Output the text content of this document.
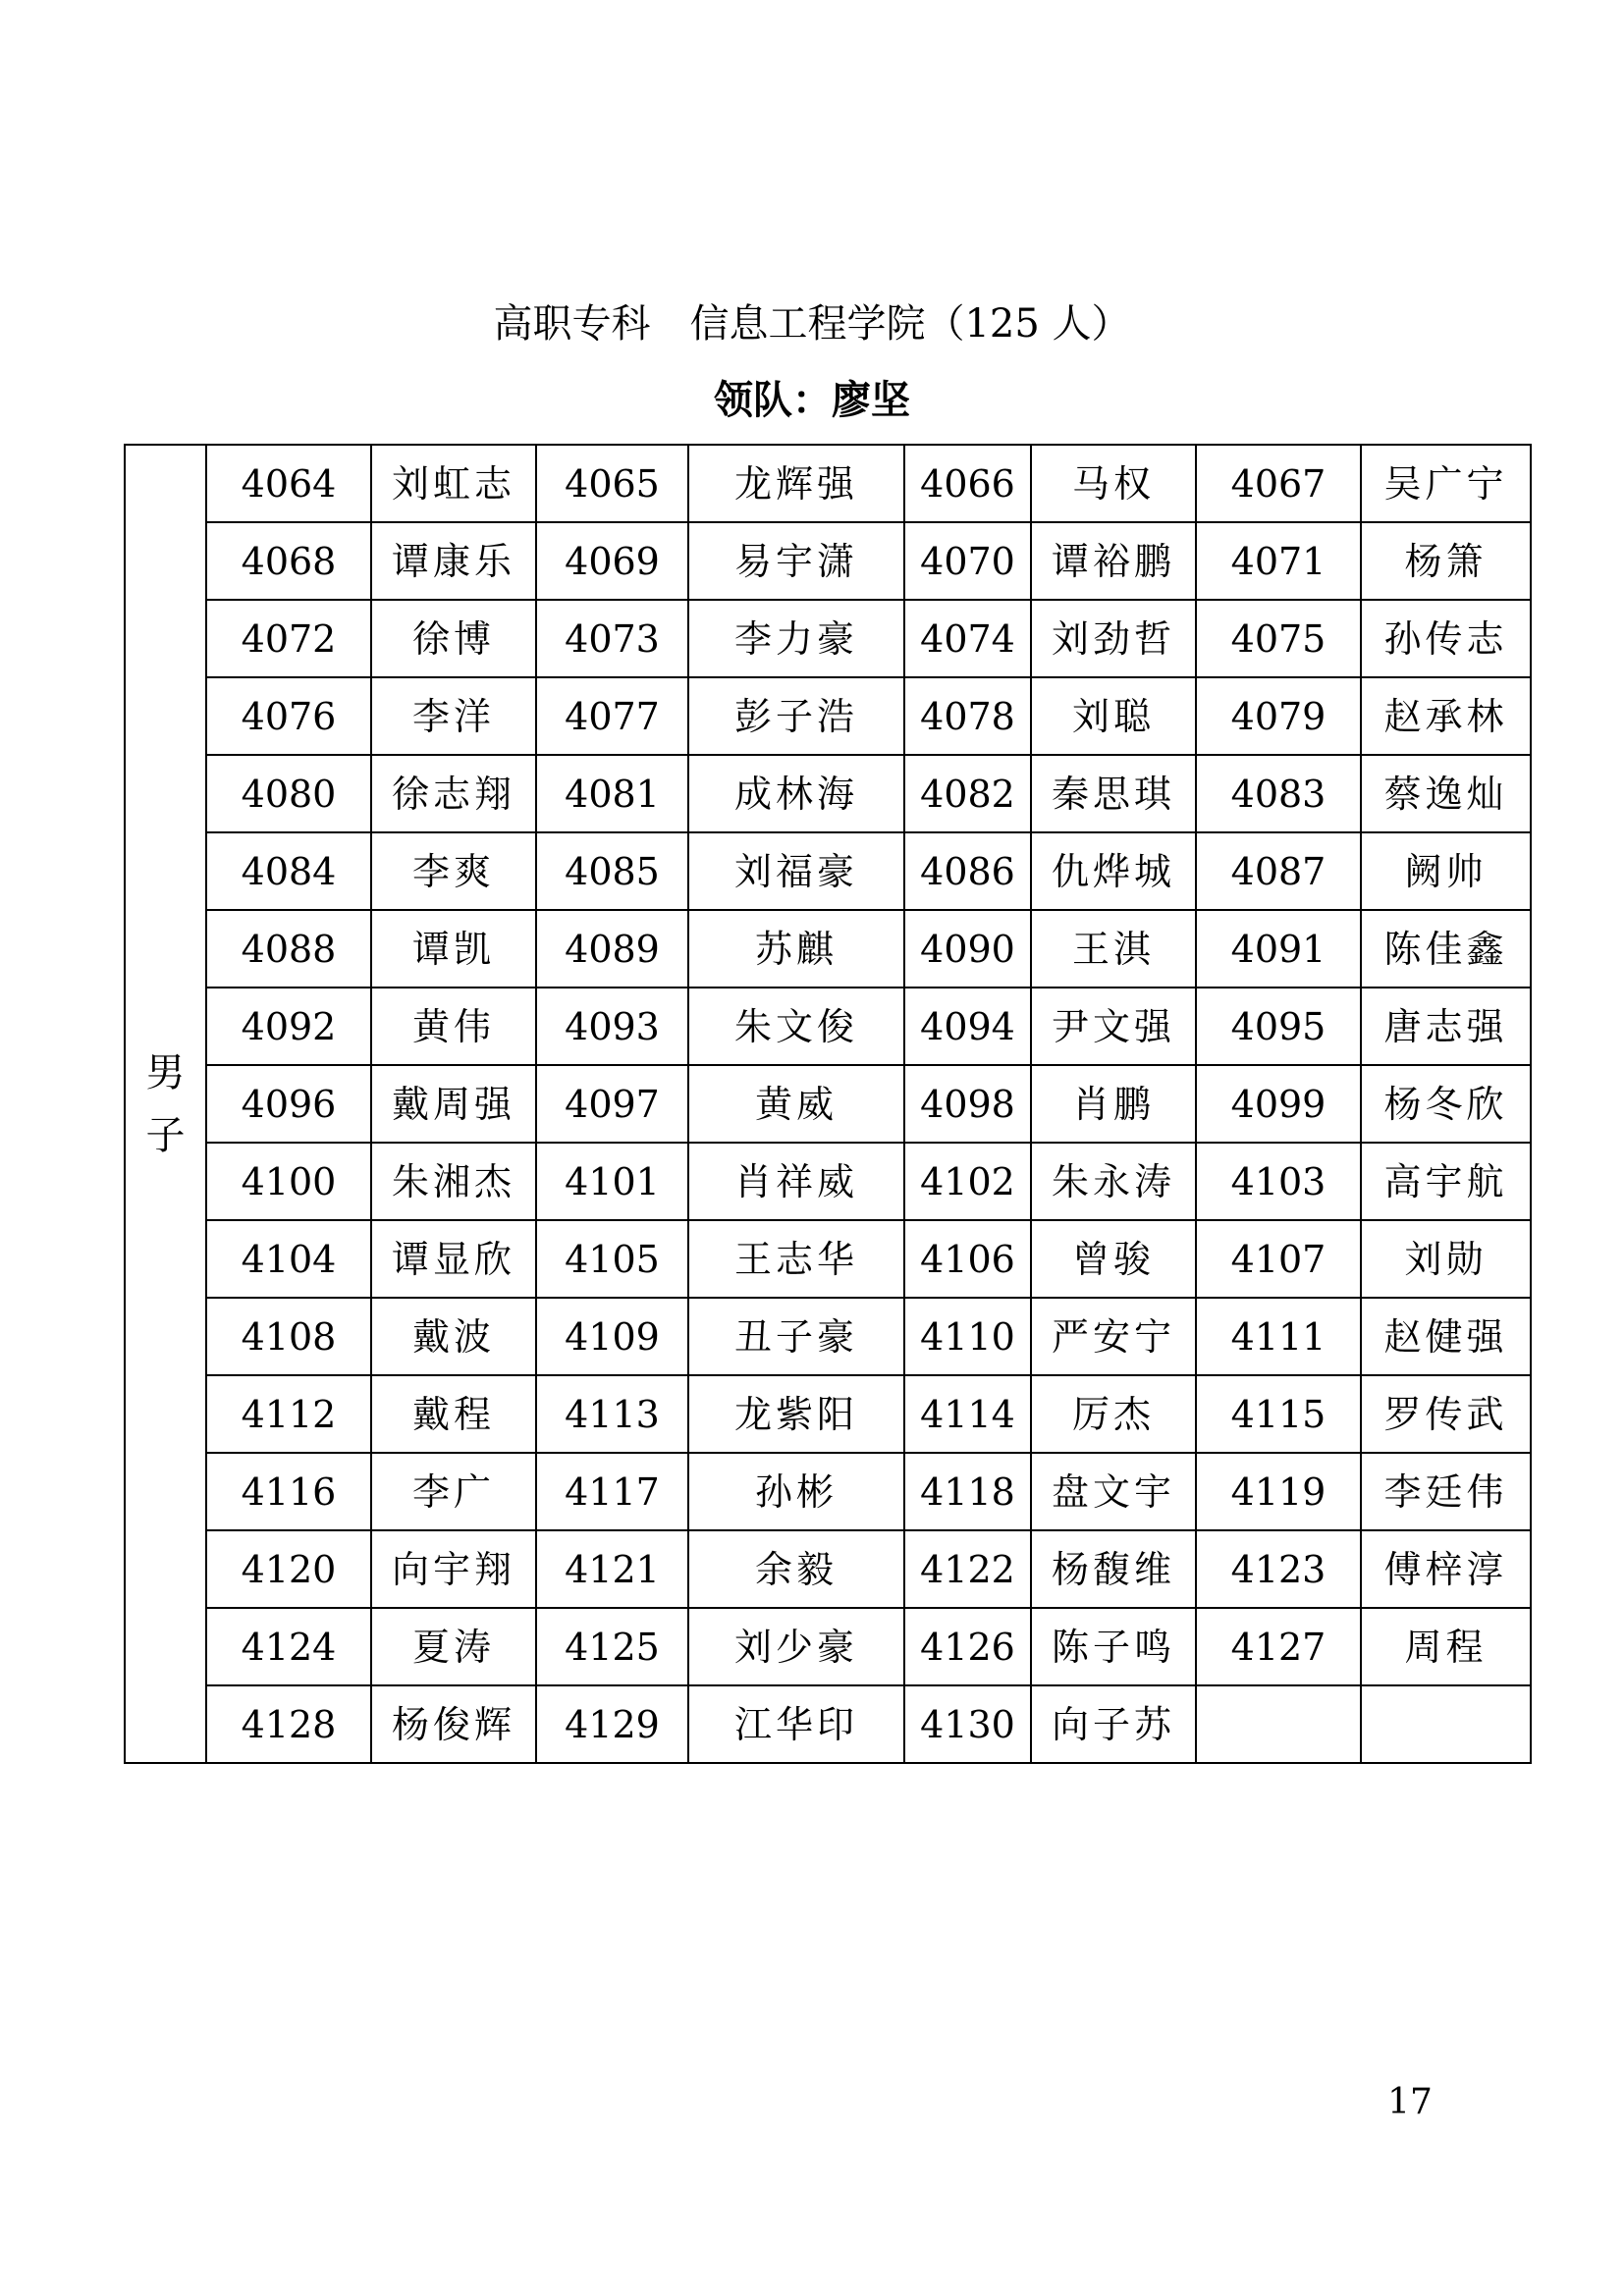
高职专科　信息工程学院（125 人）
领队：廖坚
男子	4064	刘虹志	4065	龙辉强	4066	马权	4067	吴广宁
	4068	谭康乐	4069	易宇潇	4070	谭裕鹏	4071	杨箫
	4072	徐博	4073	李力豪	4074	刘劲哲	4075	孙传志
	4076	李洋	4077	彭子浩	4078	刘聪	4079	赵承林
	4080	徐志翔	4081	成林海	4082	秦思琪	4083	蔡逸灿
	4084	李爽	4085	刘福豪	4086	仇烨城	4087	阙帅
	4088	谭凯	4089	苏麒	4090	王淇	4091	陈佳鑫
	4092	黄伟	4093	朱文俊	4094	尹文强	4095	唐志强
	4096	戴周强	4097	黄威	4098	肖鹏	4099	杨冬欣
	4100	朱湘杰	4101	肖祥威	4102	朱永涛	4103	高宇航
	4104	谭显欣	4105	王志华	4106	曾骏	4107	刘勋
	4108	戴波	4109	丑子豪	4110	严安宁	4111	赵健强
	4112	戴程	4113	龙紫阳	4114	厉杰	4115	罗传武
	4116	李广	4117	孙彬	4118	盘文宇	4119	李廷伟
	4120	向宇翔	4121	余毅	4122	杨馥维	4123	傅梓淳
	4124	夏涛	4125	刘少豪	4126	陈子鸣	4127	周程
	4128	杨俊辉	4129	江华印	4130	向子苏		
17
